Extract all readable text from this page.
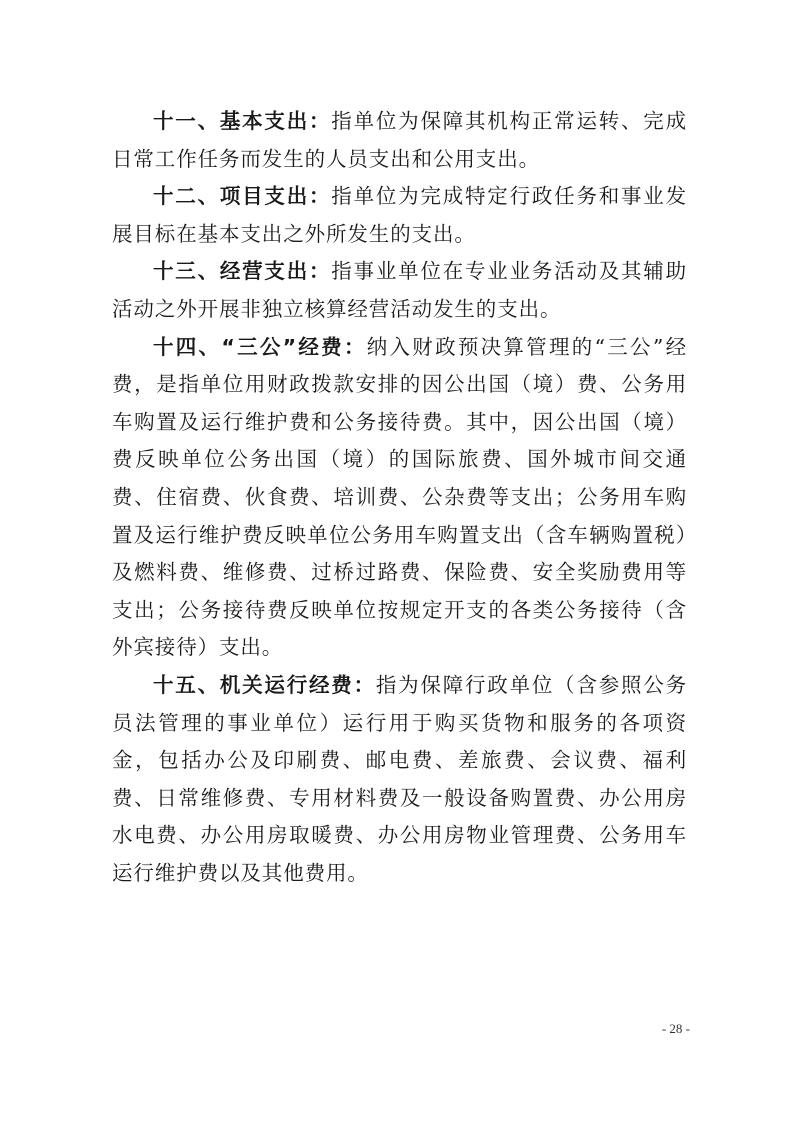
十一、基本支出：指单位为保障其机构正常运转、完成日常工作任务而发生的人员支出和公用支出。

十二、项目支出：指单位为完成特定行政任务和事业发展目标在基本支出之外所发生的支出。

十三、经营支出：指事业单位在专业业务活动及其辅助活动之外开展非独立核算经营活动发生的支出。

十四、“三公”经费：纳入财政预决算管理的“三公”经费，是指单位用财政拨款安排的因公出国（境）费、公务用车购置及运行维护费和公务接待费。其中，因公出国（境）费反映单位公务出国（境）的国际旅费、国外城市间交通费、住宿费、伙食费、培训费、公杂费等支出；公务用车购置及运行维护费反映单位公务用车购置支出（含车辆购置税）及燃料费、维修费、过桥过路费、保险费、安全奖励费用等支出；公务接待费反映单位按规定开支的各类公务接待（含外宾接待）支出。

十五、机关运行经费：指为保障行政单位（含参照公务员法管理的事业单位）运行用于购买货物和服务的各项资金，包括办公及印刷费、邮电费、差旅费、会议费、福利费、日常维修费、专用材料费及一般设备购置费、办公用房水电费、办公用房取暖费、办公用房物业管理费、公务用车运行维护费以及其他费用。

- 28 -
